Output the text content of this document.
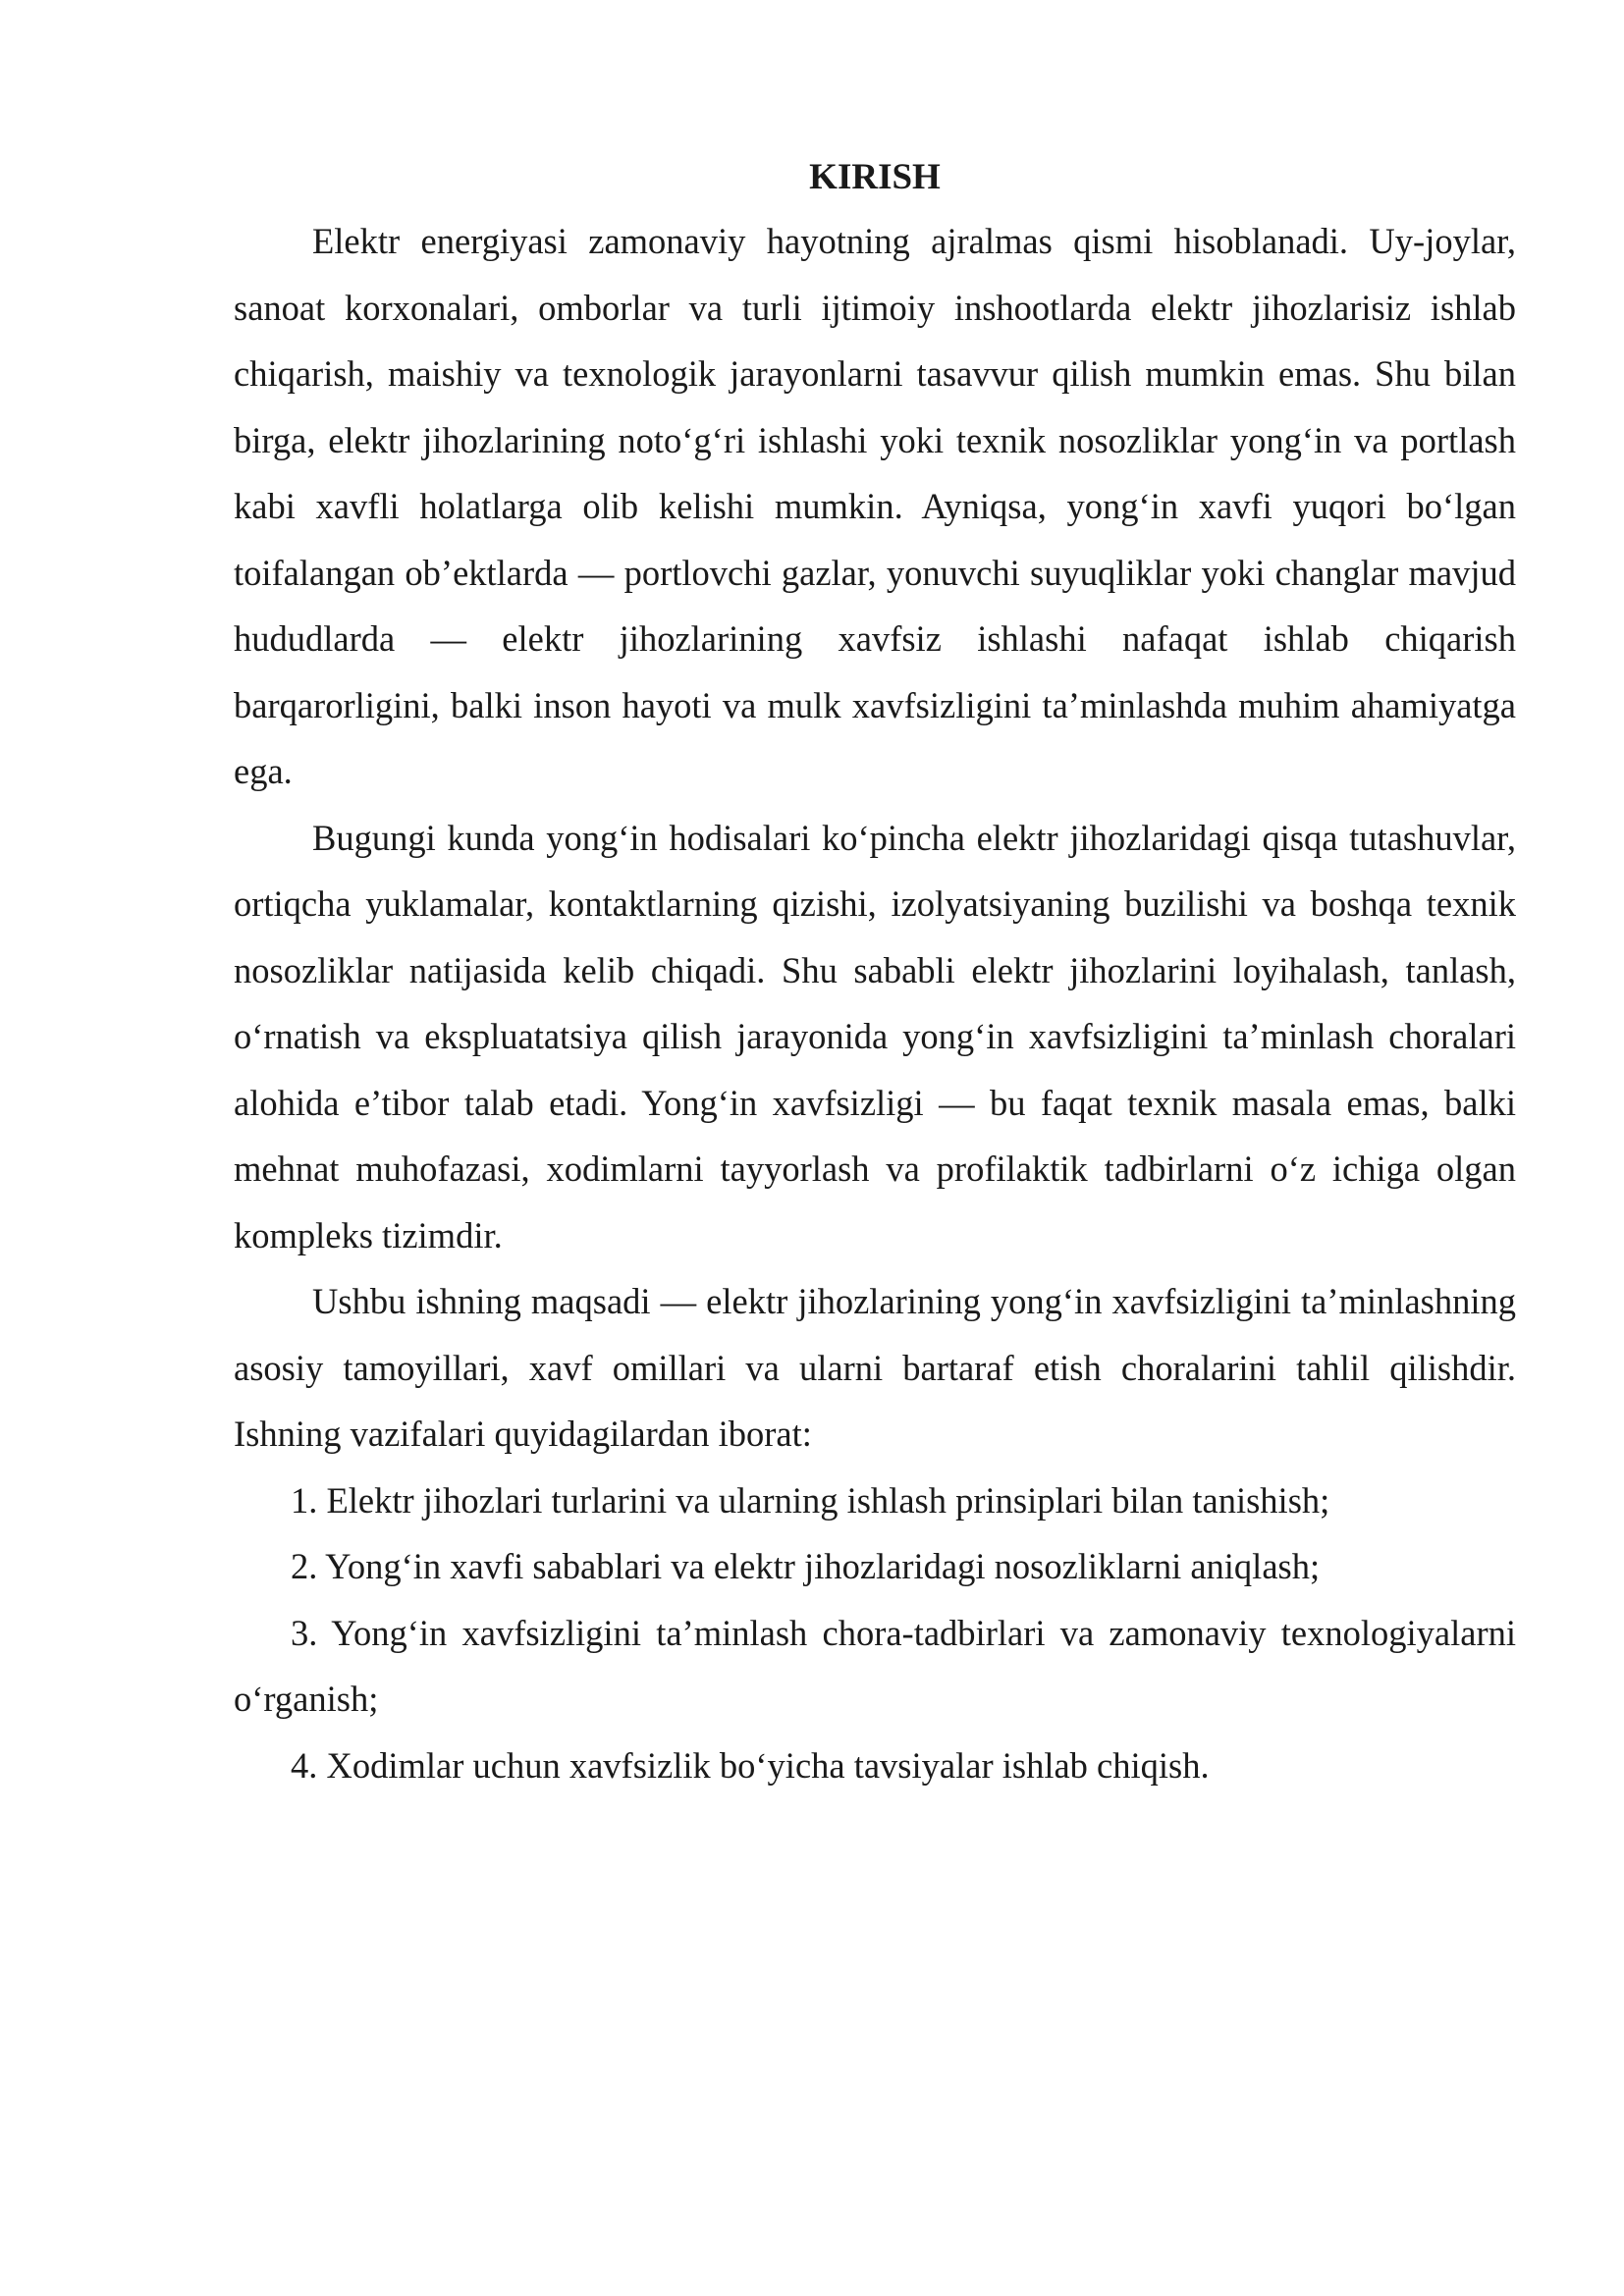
KIRISH

Elektr energiyasi zamonaviy hayotning ajralmas qismi hisoblanadi. Uy-joylar, sanoat korxonalari, omborlar va turli ijtimoiy inshootlarda elektr jihozlarisiz ishlab chiqarish, maishiy va texnologik jarayonlarni tasavvur qilish mumkin emas. Shu bilan birga, elektr jihozlarining noto‘g‘ri ishlashi yoki texnik nosozliklar yong‘in va portlash kabi xavfli holatlarga olib kelishi mumkin. Ayniqsa, yong‘in xavfi yuqori bo‘lgan toifalangan ob’ektlarda — portlovchi gazlar, yonuvchi suyuqliklar yoki changlar mavjud hududlarda — elektr jihozlarining xavfsiz ishlashi nafaqat ishlab chiqarish barqarorligini, balki inson hayoti va mulk xavfsizligini ta’minlashda muhim ahamiyatga ega.

Bugungi kunda yong‘in hodisalari ko‘pincha elektr jihozlaridagi qisqa tutashuvlar, ortiqcha yuklamalar, kontaktlarning qizishi, izolyatsiyaning buzilishi va boshqa texnik nosozliklar natijasida kelib chiqadi. Shu sababli elektr jihozlarini loyihalash, tanlash, o‘rnatish va ekspluatatsiya qilish jarayonida yong‘in xavfsizligini ta’minlash choralari alohida e’tibor talab etadi. Yong‘in xavfsizligi — bu faqat texnik masala emas, balki mehnat muhofazasi, xodimlarni tayyorlash va profilaktik tadbirlarni o‘z ichiga olgan kompleks tizimdir.

Ushbu ishning maqsadi — elektr jihozlarining yong‘in xavfsizligini ta’minlashning asosiy tamoyillari, xavf omillari va ularni bartaraf etish choralarini tahlil qilishdir. Ishning vazifalari quyidagilardan iborat:

1. Elektr jihozlari turlarini va ularning ishlash prinsiplari bilan tanishish;

2. Yong‘in xavfi sabablari va elektr jihozlaridagi nosozliklarni aniqlash;

3. Yong‘in xavfsizligini ta’minlash chora-tadbirlari va zamonaviy texnologiyalarni o‘rganish;

4. Xodimlar uchun xavfsizlik bo‘yicha tavsiyalar ishlab chiqish.
